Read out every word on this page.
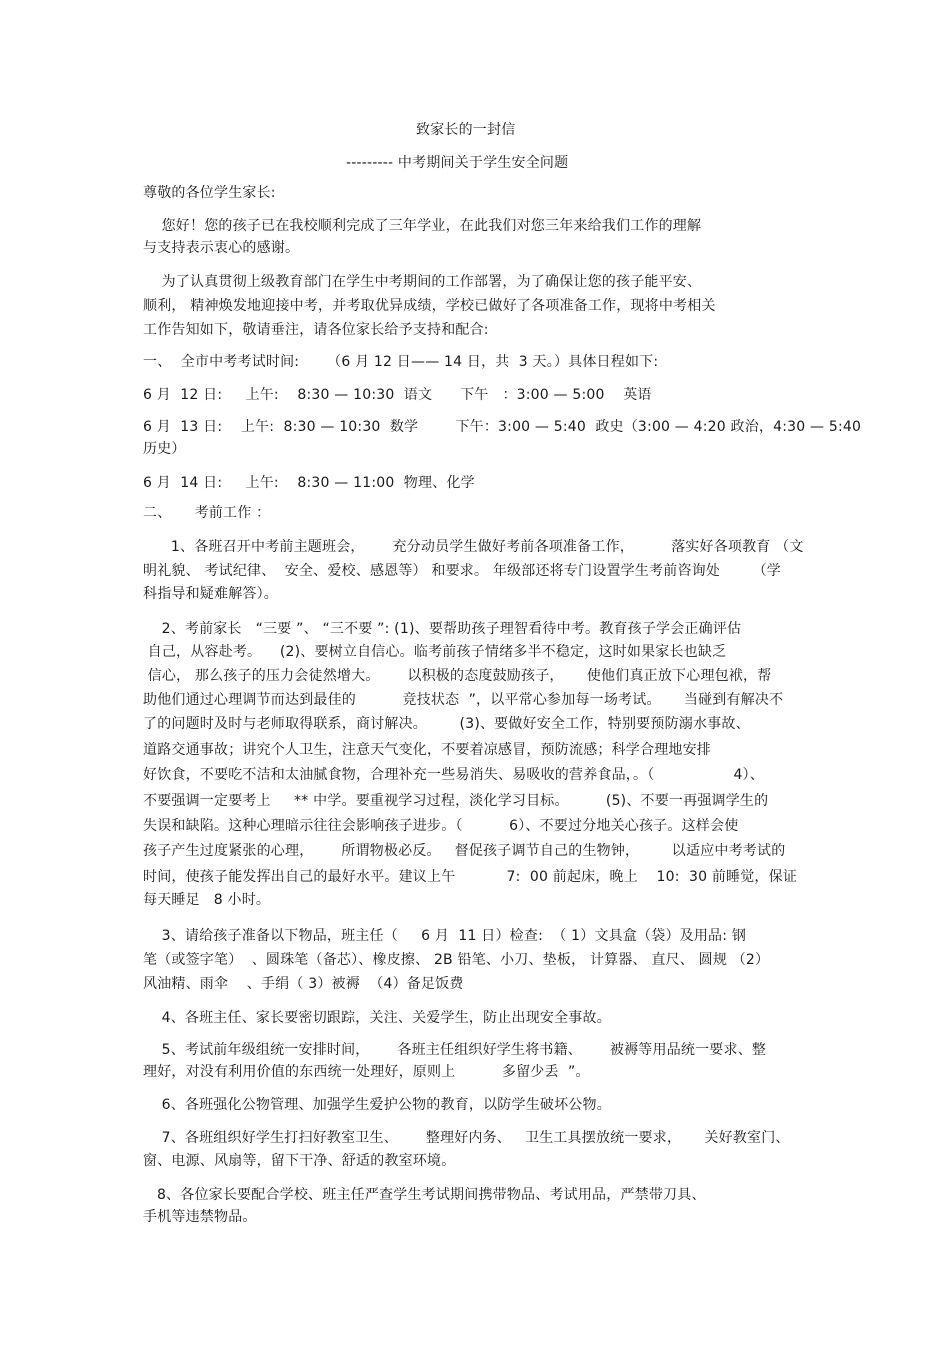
致家长的一封信
--------- 中考期间关于学生安全问题
尊敬的各位学生家长:
您好！您的孩子已在我校顺利完成了三年学业，在此我们对您三年来给我们工作的理解
与支持表示衷心的感谢。
为了认真贯彻上级教育部门在学生中考期间的工作部署，为了确保让您的孩子能平安、
顺利， 精神焕发地迎接中考，并考取优异成绩，学校已做好了各项准备工作，现将中考相关
工作告知如下，敬请垂注，请各位家长给予支持和配合:
一、  全市中考考试时间:      （6 月 12 日—— 14 日，共  3 天。）具体日程如下:
6 月  12 日:     上午:    8:30 — 10:30  语文      下午   ：3:00 — 5:00    英语
6 月  13 日:    上午:  8:30 — 10:30  数学        下午：3:00 — 5:40  政史（3:00 — 4:20 政治，4:30 — 5:40
历史）
6 月  14 日:     上午:    8:30 — 11:00  物理、化学
二、     考前工作 ：
1、各班召开中考前主题班会，      充分动员学生做好考前各项准备工作，        落实好各项教育 （文
明礼貌、 考试纪律、  安全、爱校、感恩等） 和要求。 年级部还将专门设置学生考前咨询处       （学
科指导和疑难解答）。
2、考前家长   “三要 ”、 “三不要 ”: (1)、要帮助孩子理智看待中考。教育孩子学会正确评估
自己，从容赴考。    (2)、要树立自信心。临考前孩子情绪多半不稳定，这时如果家长也缺乏
信心， 那么孩子的压力会徒然增大。      以积极的态度鼓励孩子，     使他们真正放下心理包袱，帮
助他们通过心理调节而达到最佳的          竞技状态  ”，以平常心参加每一场考试。     当碰到有解决不
了的问题时及时与老师取得联系，商讨解决。       (3)、要做好安全工作，特别要预防溺水事故、
道路交通事故；讲究个人卫生，注意天气变化，不要着凉感冒，预防流感；科学合理地安排
好饮食，不要吃不洁和太油腻食物，合理补充一些易消失、易吸收的营养食品，。（                 4）、
不要强调一定要考上     ** 中学。要重视学习过程，淡化学习目标。        (5)、不要一再强调学生的
失误和缺陷。这种心理暗示往往会影响孩子进步。（          6）、不要过分地关心孩子。这样会使
孩子产生过度紧张的心理，      所谓物极必反。   督促孩子调节自己的生物钟，       以适应中考考试的
时间，使孩子能发挥出自己的最好水平。建议上午           7:  00 前起床，晚上    10:  30 前睡觉，保证
每天睡足   8 小时。
3、请给孩子准备以下物品，班主任（     6 月  11 日）检查:  （ 1）文具盒（袋）及用品: 钢
笔（或签字笔）  、圆珠笔（备芯）、橡皮擦、 2B 铅笔、小刀、垫板， 计算器、 直尺、 圆规 （2）
风油精、雨伞    、手绢（ 3）被褥  （4）备足饭费
4、各班主任、家长要密切跟踪，关注、关爱学生，防止出现安全事故。
5、考试前年级组统一安排时间，      各班主任组织好学生将书籍、      被褥等用品统一要求、整
理好，对没有利用价值的东西统一处理好，原则上          多留少丢  ”。
6、各班强化公物管理、加强学生爱护公物的教育，以防学生破坏公物。
7、各班组织好学生打扫好教室卫生、      整理好内务、   卫生工具摆放统一要求，     关好教室门、
窗、电源、风扇等，留下干净、舒适的教室环境。
8、各位家长要配合学校、班主任严查学生考试期间携带物品、考试用品，严禁带刀具、
手机等违禁物品。
